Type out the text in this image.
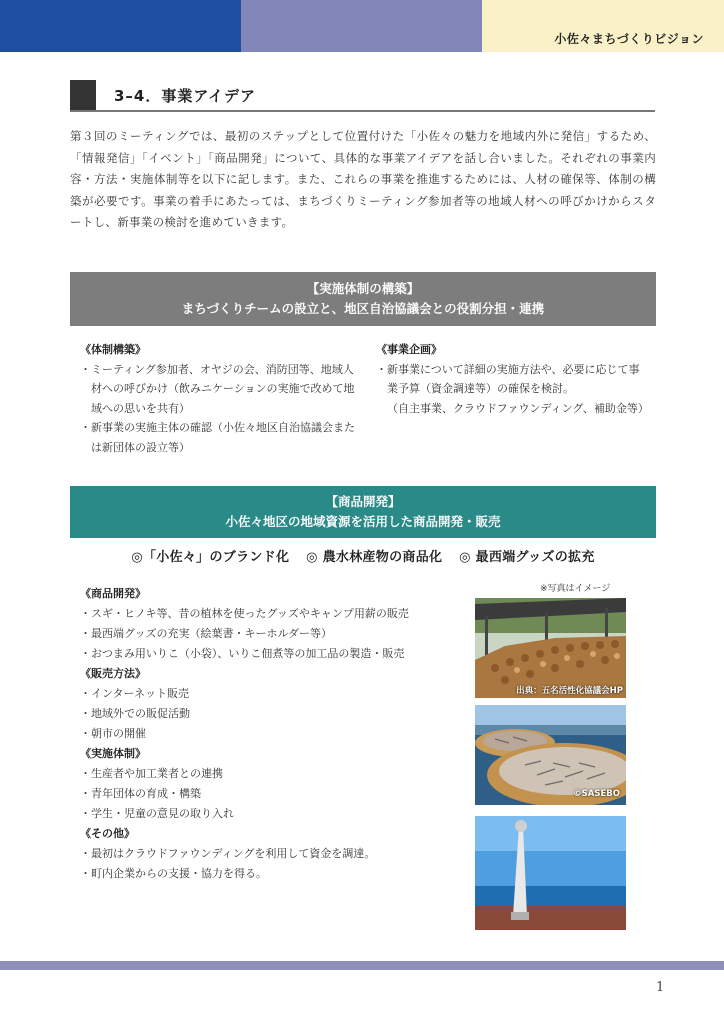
小佐々まちづくりビジョン
3–4．事業アイデア
第３回のミーティングでは、最初のステップとして位置付けた「小佐々の魅力を地域内外に発信」するため、「情報発信」「イベント」「商品開発」について、具体的な事業アイデアを話し合いました。それぞれの事業内容・方法・実施体制等を以下に記します。また、これらの事業を推進するためには、人材の確保等、体制の構築が必要です。事業の着手にあたっては、まちづくりミーティング参加者等の地域人材への呼びかけからスタートし、新事業の検討を進めていきます。
【実施体制の構築】
まちづくりチームの設立と、地区自治協議会との役割分担・連携
《体制構築》
・ミーティング参加者、オヤジの会、消防団等、地域人材への呼びかけ（飲みニケーションの実施で改めて地域への思いを共有）
・新事業の実施主体の確認（小佐々地区自治協議会または新団体の設立等）
《事業企画》
・新事業について詳細の実施方法や、必要に応じて事業予算（資金調達等）の確保を検討。
（自主事業、クラウドファウンディング、補助金等）
【商品開発】
小佐々地区の地域資源を活用した商品開発・販売
◎「小佐々」のブランド化 ◎ 農水林産物の商品化 ◎ 最西端グッズの拡充
※写真はイメージ
《商品開発》
・スギ・ヒノキ等、昔の植林を使ったグッズやキャンプ用薪の販売
・最西端グッズの充実（絵葉書・キーホルダー等）
・おつまみ用いりこ（小袋）、いりこ佃煮等の加工品の製造・販売
《販売方法》
・インターネット販売
・地域外での販促活動
・朝市の開催
《実施体制》
・生産者や加工業者との連携
・青年団体の育成・構築
・学生・児童の意見の取り入れ
《その他》
・最初はクラウドファウンディングを利用して資金を調達。
・町内企業からの支援・協力を得る。
出典：五名活性化協議会HP
©SASEBO
1
